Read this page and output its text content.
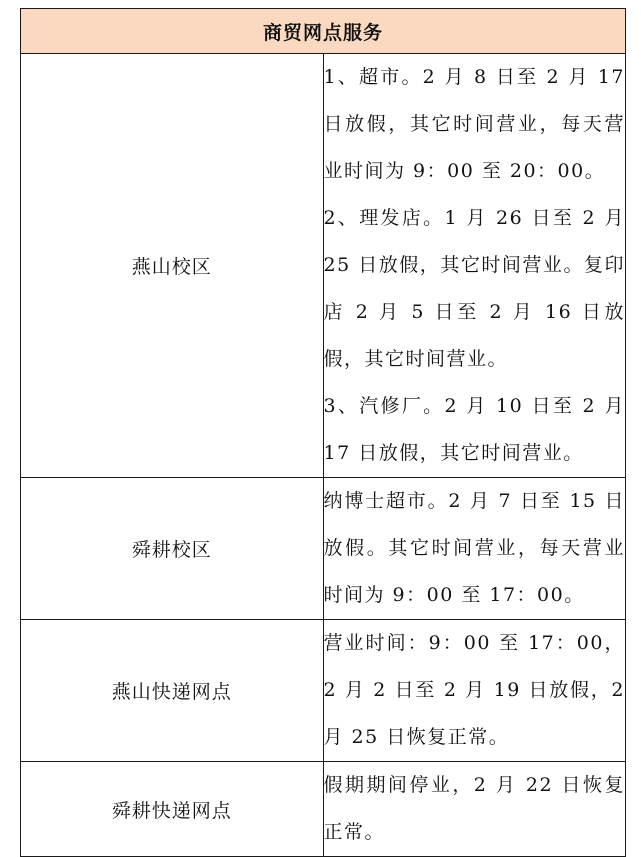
商贸网点服务	
燕山校区	1、超市。2 月 8 日至 2 月 17 日放假，其它时间营业，每天营业时间为 9：00 至 20：00。

2、理发店。1 月 26 日至 2 月 25 日放假，其它时间营业。复印店 2 月 5 日至 2 月 16 日放假，其它时间营业。

3、汽修厂。2 月 10 日至 2 月 17 日放假，其它时间营业。

舜耕校区	纳博士超市。2 月 7 日至 15 日放假。其它时间营业，每天营业时间为 9：00 至 17：00。

燕山快递网点	营业时间：9：00 至 17：00，2 月 2 日至 2 月 19 日放假，2 月 25 日恢复正常。

舜耕快递网点	假期期间停业，2 月 22 日恢复正常。
